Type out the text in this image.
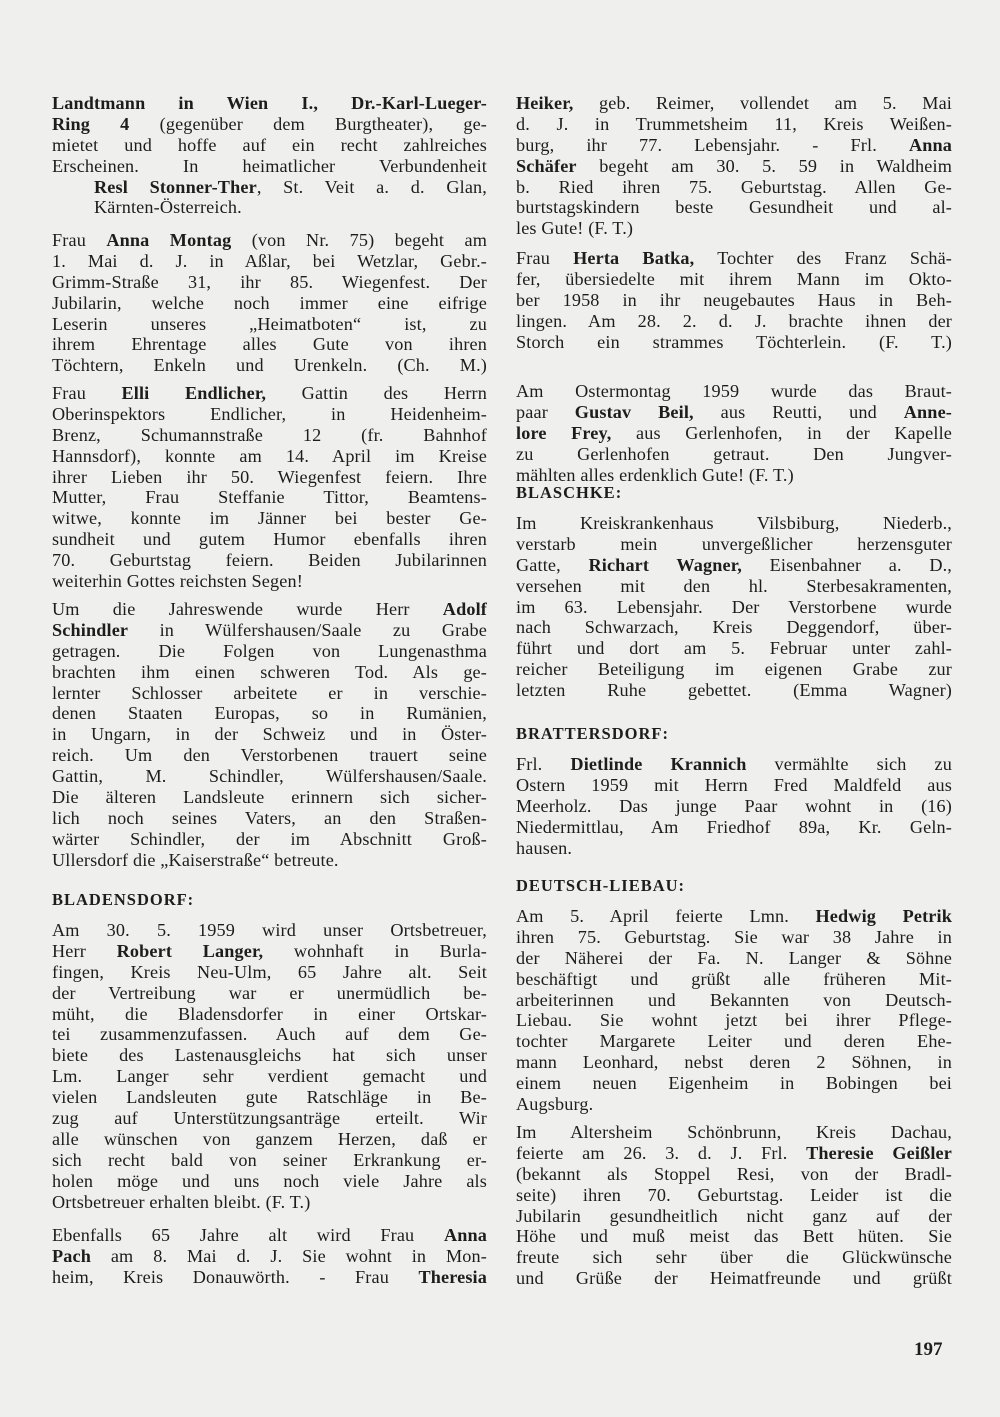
Landtmann in Wien I., Dr.-Karl-Lueger-
Ring 4 (gegenüber dem Burgtheater), ge-
mietet und hoffe auf ein recht zahlreiches
Erscheinen. In heimatlicher Verbundenheit
Resl Stonner-Ther, St. Veit a. d. Glan,
Kärnten-Österreich.
Frau Anna Montag (von Nr. 75) begeht am
1. Mai d. J. in Aßlar, bei Wetzlar, Gebr.-
Grimm-Straße 31, ihr 85. Wiegenfest. Der
Jubilarin, welche noch immer eine eifrige
Leserin unseres „Heimatboten“ ist, zu
ihrem Ehrentage alles Gute von ihren
Töchtern, Enkeln und Urenkeln. (Ch. M.)
Frau Elli Endlicher, Gattin des Herrn
Oberinspektors Endlicher, in Heidenheim-
Brenz, Schumannstraße 12 (fr. Bahnhof
Hannsdorf), konnte am 14. April im Kreise
ihrer Lieben ihr 50. Wiegenfest feiern. Ihre
Mutter, Frau Steffanie Tittor, Beamtens-
witwe, konnte im Jänner bei bester Ge-
sundheit und gutem Humor ebenfalls ihren
70. Geburtstag feiern. Beiden Jubilarinnen
weiterhin Gottes reichsten Segen!
Um die Jahreswende wurde Herr Adolf
Schindler in Wülfershausen/Saale zu Grabe
getragen. Die Folgen von Lungenasthma
brachten ihm einen schweren Tod. Als ge-
lernter Schlosser arbeitete er in verschie-
denen Staaten Europas, so in Rumänien,
in Ungarn, in der Schweiz und in Öster-
reich. Um den Verstorbenen trauert seine
Gattin, M. Schindler, Wülfershausen/Saale.
Die älteren Landsleute erinnern sich sicher-
lich noch seines Vaters, an den Straßen-
wärter Schindler, der im Abschnitt Groß-
Ullersdorf die „Kaiserstraße“ betreute.
BLADENSDORF:
Am 30. 5. 1959 wird unser Ortsbetreuer,
Herr Robert Langer, wohnhaft in Burla-
fingen, Kreis Neu-Ulm, 65 Jahre alt. Seit
der Vertreibung war er unermüdlich be-
müht, die Bladensdorfer in einer Ortskar-
tei zusammenzufassen. Auch auf dem Ge-
biete des Lastenausgleichs hat sich unser
Lm. Langer sehr verdient gemacht und
vielen Landsleuten gute Ratschläge in Be-
zug auf Unterstützungsanträge erteilt. Wir
alle wünschen von ganzem Herzen, daß er
sich recht bald von seiner Erkrankung er-
holen möge und uns noch viele Jahre als
Ortsbetreuer erhalten bleibt. (F. T.)
Ebenfalls 65 Jahre alt wird Frau Anna
Pach am 8. Mai d. J. Sie wohnt in Mon-
heim, Kreis Donauwörth. - Frau Theresia
Heiker, geb. Reimer, vollendet am 5. Mai
d. J. in Trummetsheim 11, Kreis Weißen-
burg, ihr 77. Lebensjahr. - Frl. Anna
Schäfer begeht am 30. 5. 59 in Waldheim
b. Ried ihren 75. Geburtstag. Allen Ge-
burtstagskindern beste Gesundheit und al-
les Gute! (F. T.)
Frau Herta Batka, Tochter des Franz Schä-
fer, übersiedelte mit ihrem Mann im Okto-
ber 1958 in ihr neugebautes Haus in Beh-
lingen. Am 28. 2. d. J. brachte ihnen der
Storch ein strammes Töchterlein. (F. T.)
Am Ostermontag 1959 wurde das Braut-
paar Gustav Beil, aus Reutti, und Anne-
lore Frey, aus Gerlenhofen, in der Kapelle
zu Gerlenhofen getraut. Den Jungver-
mählten alles erdenklich Gute! (F. T.)
BLASCHKE:
Im Kreiskrankenhaus Vilsbiburg, Niederb.,
verstarb mein unvergeßlicher herzensguter
Gatte, Richart Wagner, Eisenbahner a. D.,
versehen mit den hl. Sterbesakramenten,
im 63. Lebensjahr. Der Verstorbene wurde
nach Schwarzach, Kreis Deggendorf, über-
führt und dort am 5. Februar unter zahl-
reicher Beteiligung im eigenen Grabe zur
letzten Ruhe gebettet. (Emma Wagner)
BRATTERSDORF:
Frl. Dietlinde Krannich vermählte sich zu
Ostern 1959 mit Herrn Fred Maldfeld aus
Meerholz. Das junge Paar wohnt in (16)
Niedermittlau, Am Friedhof 89a, Kr. Geln-
hausen.
DEUTSCH-LIEBAU:
Am 5. April feierte Lmn. Hedwig Petrik
ihren 75. Geburtstag. Sie war 38 Jahre in
der Näherei der Fa. N. Langer & Söhne
beschäftigt und grüßt alle früheren Mit-
arbeiterinnen und Bekannten von Deutsch-
Liebau. Sie wohnt jetzt bei ihrer Pflege-
tochter Margarete Leiter und deren Ehe-
mann Leonhard, nebst deren 2 Söhnen, in
einem neuen Eigenheim in Bobingen bei
Augsburg.
Im Altersheim Schönbrunn, Kreis Dachau,
feierte am 26. 3. d. J. Frl. Theresie Geißler
(bekannt als Stoppel Resi, von der Bradl-
seite) ihren 70. Geburtstag. Leider ist die
Jubilarin gesundheitlich nicht ganz auf der
Höhe und muß meist das Bett hüten. Sie
freute sich sehr über die Glückwünsche
und Grüße der Heimatfreunde und grüßt
197
